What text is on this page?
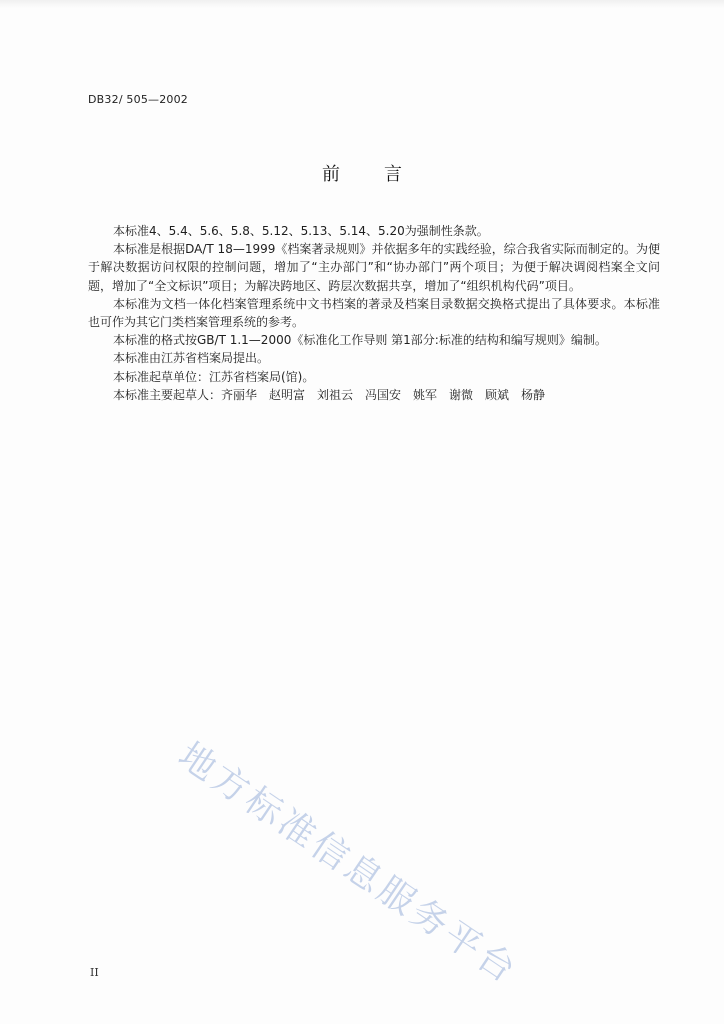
DB32/ 505—2002
前 言

本标准4、5.4、5.6、5.8、5.12、5.13、5.14、5.20为强制性条款。

本标准是根据DA/T 18—1999《档案著录规则》并依据多年的实践经验，综合我省实际而制定的。为便于解决数据访问权限的控制问题，增加了“主办部门”和“协办部门”两个项目；为便于解决调阅档案全文问题，增加了“全文标识”项目；为解决跨地区、跨层次数据共享，增加了“组织机构代码”项目。

本标准为文档一体化档案管理系统中文书档案的著录及档案目录数据交换格式提出了具体要求。本标准也可作为其它门类档案管理系统的参考。

本标准的格式按GB/T 1.1—2000《标准化工作导则 第1部分:标准的结构和编写规则》编制。

本标准由江苏省档案局提出。

本标准起草单位：江苏省档案局(馆)。

本标准主要起草人：齐丽华　赵明富　刘祖云　冯国安　姚军　谢微　顾斌　杨静

地方标准信息服务平台
II
